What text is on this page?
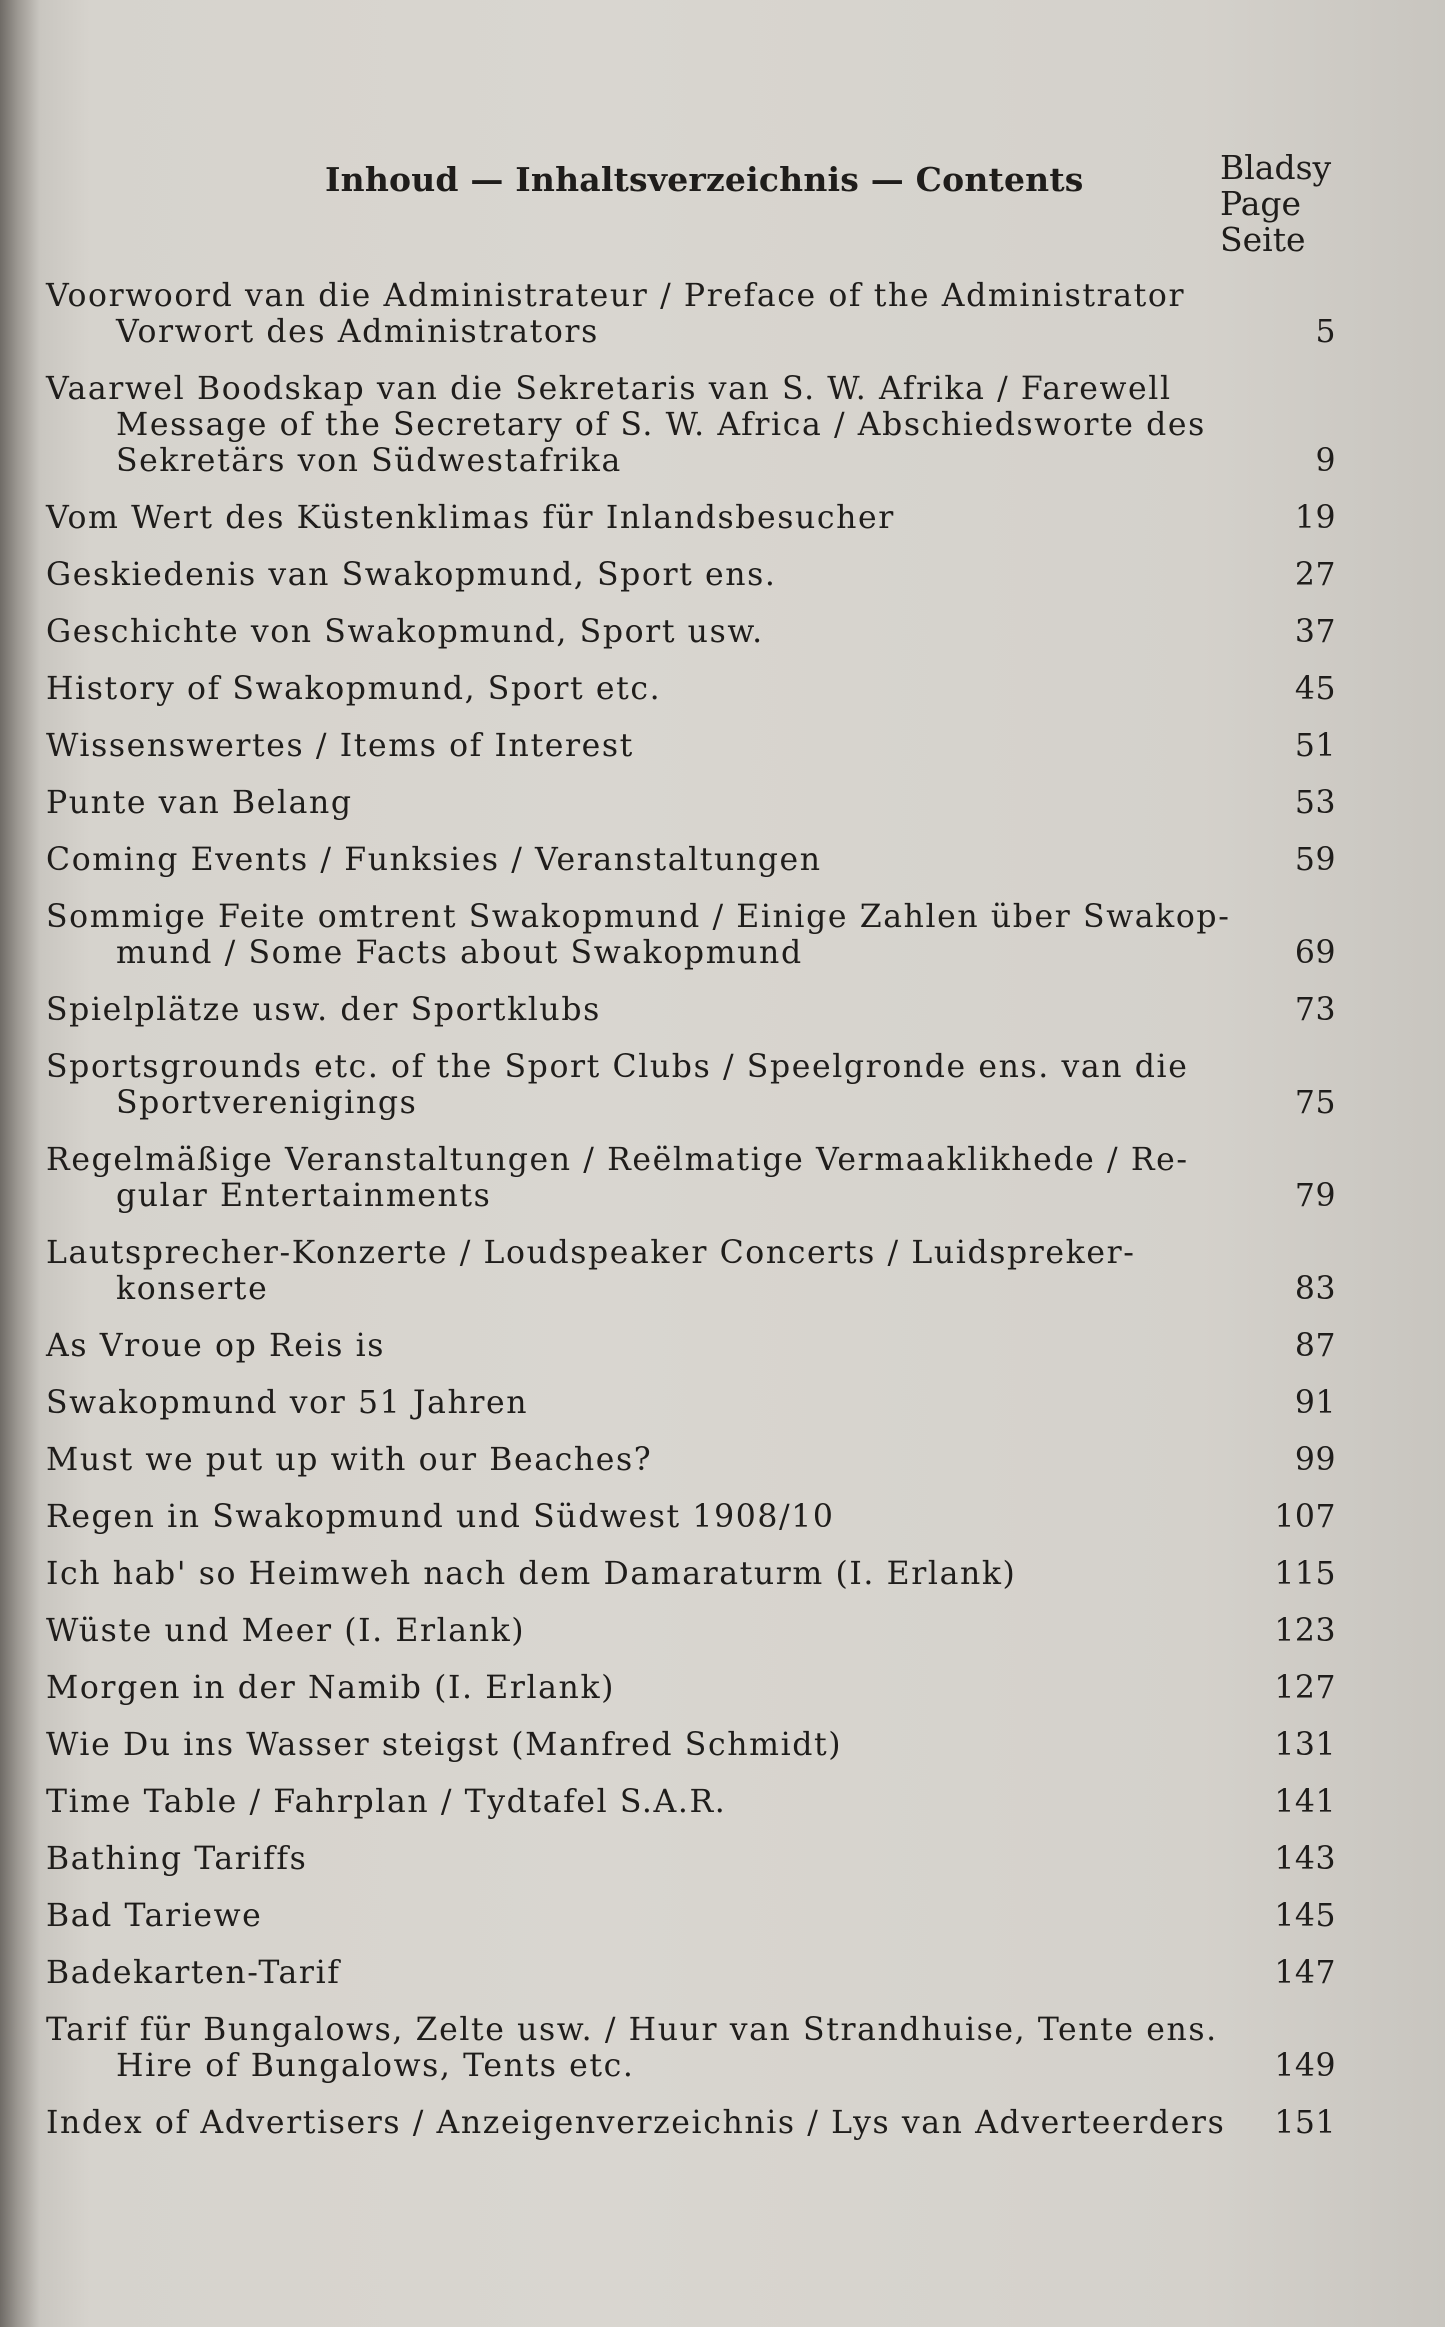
Inhoud — Inhaltsverzeichnis — Contents	Bladsy
Page
Seite
Voorwoord van die Administrateur / Preface of the Administrator
Vorwort des Administrators	5
Vaarwel Boodskap van die Sekretaris van S. W. Afrika / Farewell
Message of the Secretary of S. W. Africa / Abschiedsworte des
Sekretärs von Südwestafrika	9
Vom Wert des Küstenklimas für Inlandsbesucher	19
Geskiedenis van Swakopmund, Sport ens.	27
Geschichte von Swakopmund, Sport usw.	37
History of Swakopmund, Sport etc.	45
Wissenswertes / Items of Interest	51
Punte van Belang	53
Coming Events / Funksies / Veranstaltungen	59
Sommige Feite omtrent Swakopmund / Einige Zahlen über Swakop-
mund / Some Facts about Swakopmund	69
Spielplätze usw. der Sportklubs	73
Sportsgrounds etc. of the Sport Clubs / Speelgronde ens. van die
Sportverenigings	75
Regelmäßige Veranstaltungen / Reëlmatige Vermaaklikhede / Re-
gular Entertainments	79
Lautsprecher-Konzerte / Loudspeaker Concerts / Luidspreker-
konserte	83
As Vroue op Reis is	87
Swakopmund vor 51 Jahren	91
Must we put up with our Beaches?	99
Regen in Swakopmund und Südwest 1908/10	107
Ich hab' so Heimweh nach dem Damaraturm (I. Erlank)	115
Wüste und Meer (I. Erlank)	123
Morgen in der Namib (I. Erlank)	127
Wie Du ins Wasser steigst (Manfred Schmidt)	131
Time Table / Fahrplan / Tydtafel S.A.R.	141
Bathing Tariffs	143
Bad Tariewe	145
Badekarten-Tarif	147
Tarif für Bungalows, Zelte usw. / Huur van Strandhuise, Tente ens.
Hire of Bungalows, Tents etc.	149
Index of Advertisers / Anzeigenverzeichnis / Lys van Adverteerders	151
